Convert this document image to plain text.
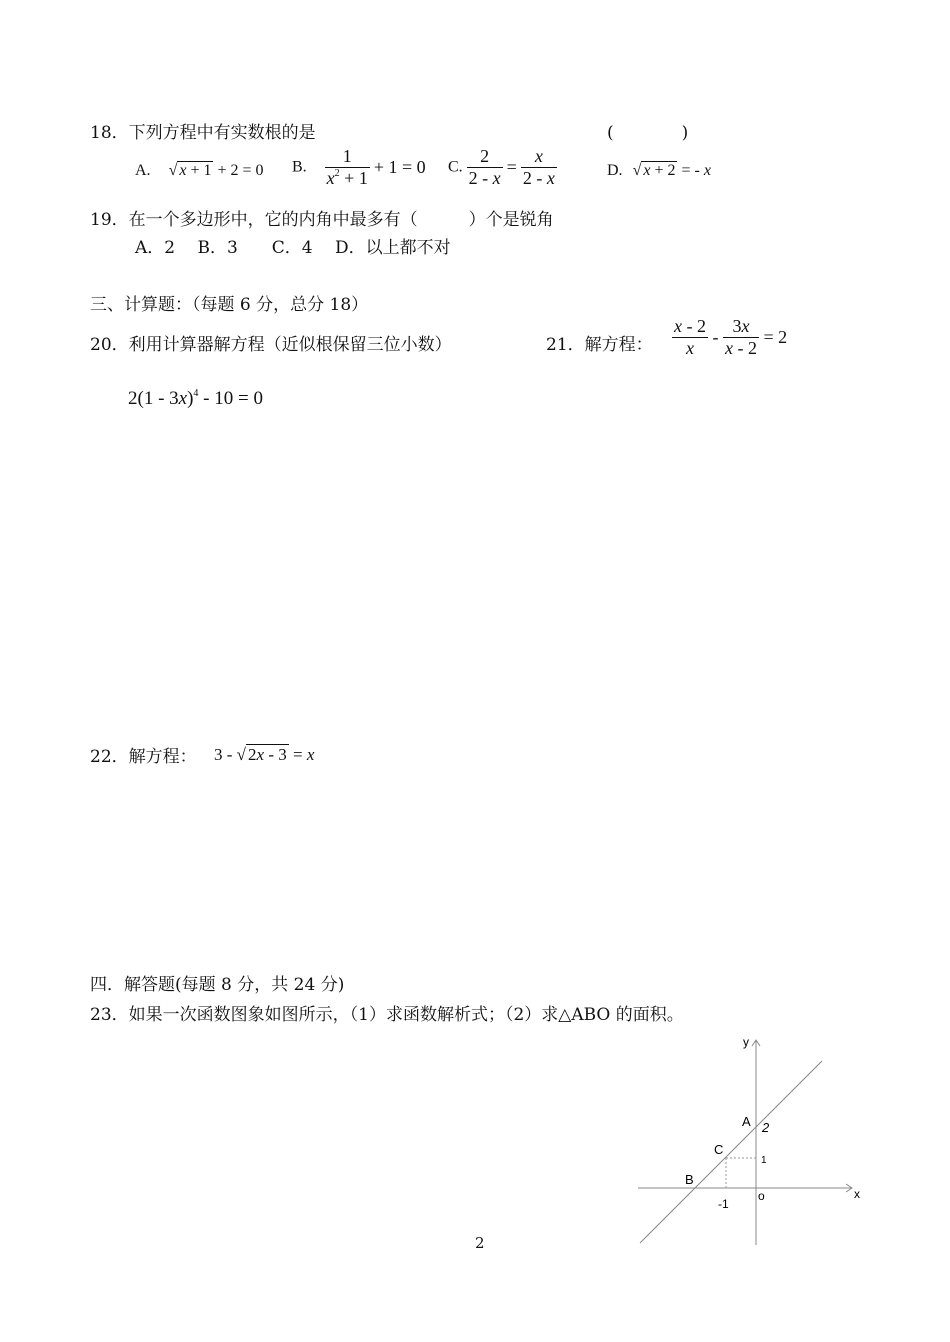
18．下列方程中有实数根的是	(　　　　)
A. √ x + 1 + 2 = 0 B. $\frac{1}{x^2 + 1} + 1 = 0$ C. $\frac{2}{2 - x} = \frac{x}{2 - x}$	D. √ x + 2 = - x
19．在一个多边形中，它的内角中最多有（　　　）个是锐角
A．2　 B．3　　C．4　 D．以上都不对
三、计算题：（每题 6 分，总分 18）
20．利用计算器解方程（近似根保留三位小数）
2(1 - 3x)$^4$ - 10 = 0
21．解方程： $\frac{x - 2}{x} - \frac{3x}{x - 2} = 2$
22．解方程： 3 - √ 2x - 3 = x
四．解答题(每题 8 分，共 24 分)
23．如果一次函数图象如图所示，（1）求函数解析式；（2）求△ABO 的面积。
y
x
A 2
C
1
B
o
-1
2
